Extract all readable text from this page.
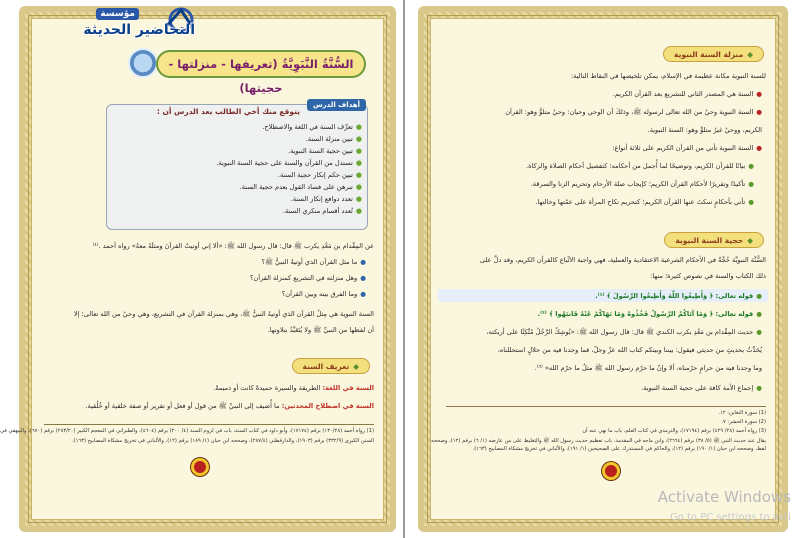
السُّنَّةُ النَّبَوِيَّةُ (تعريفها - منزلتها - حجيتها)
أهداف الدرس
يتوقع منك أخي الطالب بعد الدرس أن :
● تعرِّف السنة في اللغة والاصطلاح.
● تبين منزلة السنة.
● تبين حجية السنة النبوية.
● تستدل من القرآن والسنة على حجية السنة النبوية.
● تبين حكم إنكار حجية السنة.
● تبرهن على فساد القول بعدم حجية السنة.
● تعدد دوافع إنكار السنة.
● تُعدد أقسام منكري السنة.
عن المِقْدام بن مَعْدِ يكرب ﷺ قال: قال رسول الله ﷺ: «ألا إني أوتيتُ القرآنَ ومثلَهُ معهُ» رواه أحمد .⁽¹⁾
● ما مثل القرآن الذي أوتيهُ النبيُّ ﷺ؟
● وهل منزلته في التشريع كمنزلة القرآن؟
● وما الفرق بينه وبين القرآن؟
السنة النبوية هي مِثلُ القرآن الذي أوتيهُ النبيُّ ﷺ، وهي بمنزلة القرآن في التشريع، وهي وحيٌ من الله تعالى؛ إلا
أن لفظها من النبيِّ ﷺ ولا يُتَعَبَّدُ بتلاوتها.
◆ تعريف السنة
السنة في اللغة: الطريقة والسيرة حميدةً كانت أو ذميمةً.
السنة في اصطلاح المحدثين: ما أُضيف إلى النبيِّ ﷺ من قول أو فعل أو تقرير أو صفة خلقية أو خُلُقية.
(1) رواه أحمد (١٣٠/٢٨) برقم (١٧١٧٤)، وأبو داود في كتاب السنة، باب في لزوم السنة (٤/ ٢٠٠) برقم (٤٦٠٤)، والطبراني في المعجم الكبير (٢٨٣/٢٠) برقم (٦٧٠)، والبيهقي في
السنن الكبرى (٣٣٢/٩) برقم (١٩٠٣)، والدارقطني (٢٨٧/٤)، وصححه ابن حبان (١/ ١٨٩) برقم (١٢)، والألباني في تخريج مشكاة المصابيح (١٦٣).
مؤسسة
التحاضير الحديثة
◆ منزلة السنة النبوية
للسنة النبوية مكانة عظيمة في الإسلام، يمكن تلخيصها في النقاط التالية:
● السنة هي المصدر الثاني للتشريع بعد القرآن الكريم.
● السنة النبوية وحيٌ من الله تعالى لرسوله ﷺ، وذلكَ أن الوحي وحيان: وحيٌ متلوٌّ وهو: القرآن
الكريم، ووحيٌ غيرُ متلوٍّ وهو: السنة النبوية.
● السنة النبوية تأتي من القرآن الكريم على ثلاثة أنواع:
● بيانًا للقرآن الكريم، وتوضيحًا لما أُجمل من أحكامه؛ كتفصيل أحكام الصلاة والزكاة.
● تأكيدًا وتقريرًا لأحكام القرآن الكريم؛ كإيجاب صلة الأرحام وتحريم الزنا والسرقة.
● تأتي بأحكامٍ سكتَ عنها القرآن الكريم؛ كتحريم نكاح المرأة على عمّتها وخالتها.
◆ حجية السنة النبوية
السُّنَّة النبويَّة حُجَّةٌ في الأحكام الشرعية الاعتقادية والعملية، فهي واجبة الاتِّباع كالقرآن الكريم، وقد دلَّ على
ذلك الكتاب والسنة في نصوص كثيرة؛ منها:
● قوله تعالى: ﴿ وَأَطِيعُوا اللَّهَ وَأَطِيعُوا الرَّسُولَ ﴾ ⁽¹⁾.
● قوله تعالى: ﴿ وَمَا آتَاكُمُ الرَّسُولُ فَخُذُوهُ وَمَا نَهَاكُمْ عَنْهُ فَانتَهُوا ﴾ ⁽²⁾.
● حديث المِقْدام بن مَعْدِ يكرب الكندي ﷺ قال: قال رسول الله ﷺ: «يُوشِكُ الرَّجُلُ مُتَّكِئًا على أريكته،
يُحَدَّثُ بحديثٍ من حديثي فيقول: بيننا وبينكم كتاب الله عزّ وجلّ، فما وجدنا فيه من حلالٍ استحللناه،
وما وجدنا فيه من حرامٍ حرّمناه، ألا وإنّ ما حرّم رسول الله ﷺ مثلُ ما حرّم الله» ⁽³⁾.
● إجماع الأمة كافة على حجية السنة النبوية.
(1) سورة التغابن: ١٢.
(2) سورة الحشر: ٧.
(3) رواه أحمد (٢٨/ ٤٢٩) برقم (١٧١٩٤)، والترمذي في كتاب العلم، باب ما نهي عنه أن
يقال عند حديث النبي ﷺ (٥/ ٣٨) برقم (٢٦٦٤)، وابن ماجه في المقدمة، باب تعظيم حديث رسول الله ﷺ والتغليظ على من عارضه (١/ ٦) برقم (١٢)، وصححه
لفظ، وصححه ابن حبان (١/ ١٩٠) برقم (١٢)، والحاكم في المستدرك على الصحيحين (١/ ١٩١)، والألباني في تخريج مشكاة المصابيح (١٦٣).
Activate Windows
Go to PC settings to acti
